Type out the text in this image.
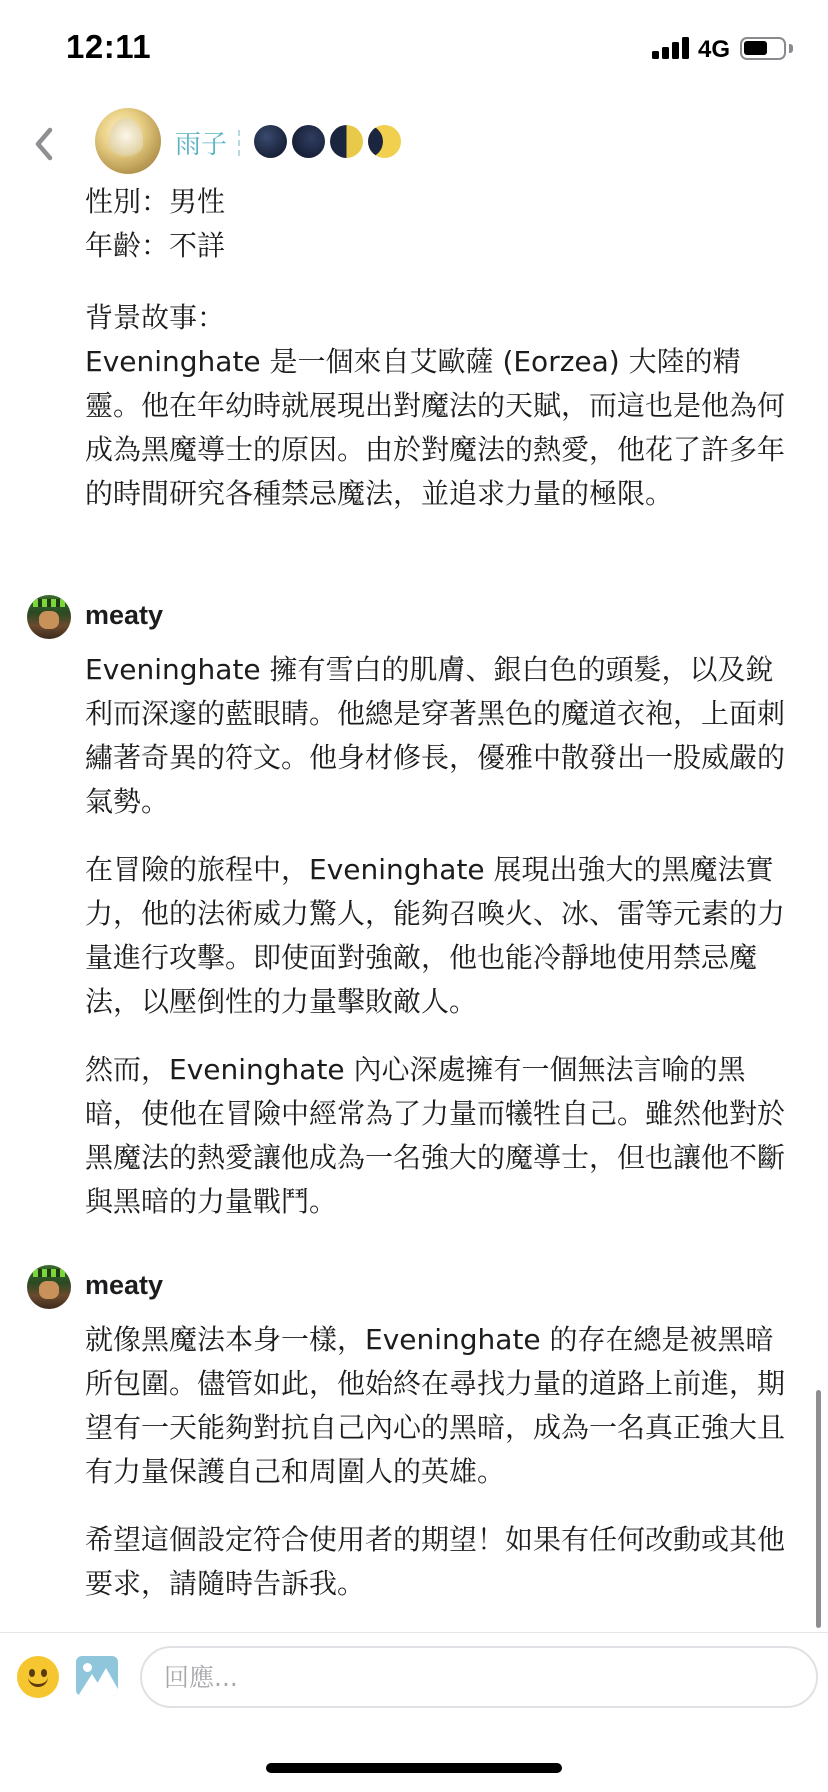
12:11	4G
雨子

性別：男性

年齡：不詳

背景故事：

Eveninghate 是一個來自艾歐薩 (Eorzea) 大陸的精靈。他在年幼時就展現出對魔法的天賦，而這也是他為何成為黑魔導士的原因。由於對魔法的熱愛，他花了許多年的時間研究各種禁忌魔法，並追求力量的極限。

meaty

Eveninghate 擁有雪白的肌膚、銀白色的頭髮，以及銳利而深邃的藍眼睛。他總是穿著黑色的魔道衣袍，上面刺繡著奇異的符文。他身材修長，優雅中散發出一股威嚴的氣勢。

在冒險的旅程中，Eveninghate 展現出強大的黑魔法實力，他的法術威力驚人，能夠召喚火、冰、雷等元素的力量進行攻擊。即使面對強敵，他也能冷靜地使用禁忌魔法，以壓倒性的力量擊敗敵人。

然而，Eveninghate 內心深處擁有一個無法言喻的黑暗，使他在冒險中經常為了力量而犧牲自己。雖然他對於黑魔法的熱愛讓他成為一名強大的魔導士，但也讓他不斷與黑暗的力量戰鬥。

meaty

就像黑魔法本身一樣，Eveninghate 的存在總是被黑暗所包圍。儘管如此，他始終在尋找力量的道路上前進，期望有一天能夠對抗自己內心的黑暗，成為一名真正強大且有力量保護自己和周圍人的英雄。

希望這個設定符合使用者的期望！如果有任何改動或其他要求，請隨時告訴我。

回應...
